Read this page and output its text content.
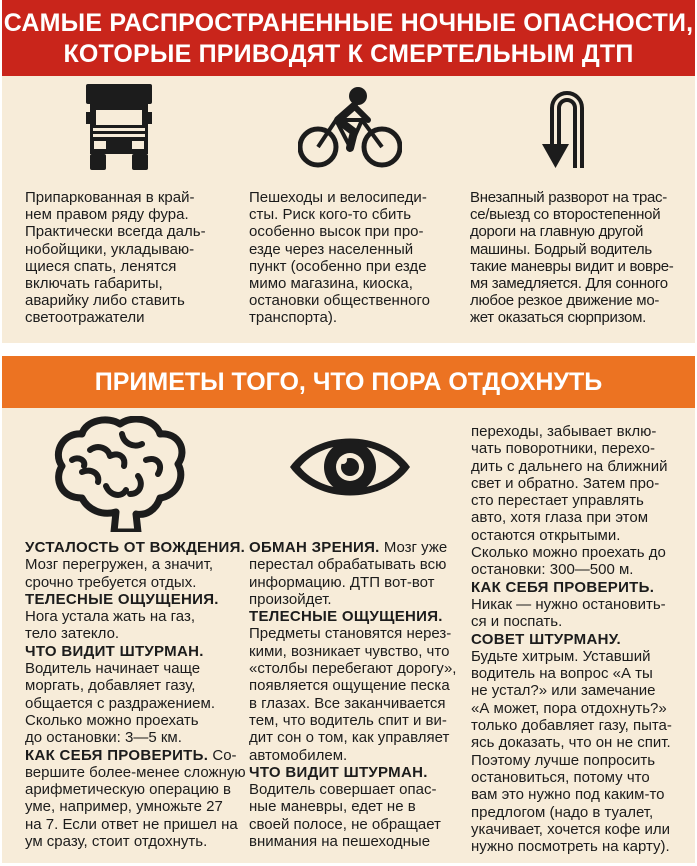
САМЫЕ РАСПРОСТРАНЕННЫЕ НОЧНЫЕ ОПАСНОСТИ,
КОТОРЫЕ ПРИВОДЯТ К СМЕРТЕЛЬНЫМ ДТП
Припаркованная в край-
нем правом ряду фура.
Практически всегда даль-
нобойщики, укладываю-
щиеся спать, ленятся
включать габариты,
аварийку либо ставить
светоотражатели
Пешеходы и велосипеди-
сты. Риск кого-то сбить
особенно высок при про-
езде через населенный
пункт (особенно при езде
мимо магазина, киоска,
остановки общественного
транспорта).
Внезапный разворот на трас-
се/выезд со второстепенной
дороги на главную другой
машины. Бодрый водитель
такие маневры видит и вовре-
мя замедляется. Для сонного
любое резкое движение мо-
жет оказаться сюрпризом.
ПРИМЕТЫ ТОГО, ЧТО ПОРА ОТДОХНУТЬ
УСТАЛОСТЬ ОТ ВОЖДЕНИЯ.
Мозг перегружен, а значит,
срочно требуется отдых.
ТЕЛЕСНЫЕ ОЩУЩЕНИЯ.
Нога устала жать на газ,
тело затекло.
ЧТО ВИДИТ ШТУРМАН.
Водитель начинает чаще
моргать, добавляет газу,
общается с раздражением.
Сколько можно проехать
до остановки: 3—5 км.
КАК СЕБЯ ПРОВЕРИТЬ. Со-
вершите более-менее сложную
арифметическую операцию в
уме, например, умножьте 27
на 7. Если ответ не пришел на
ум сразу, стоит отдохнуть.
ОБМАН ЗРЕНИЯ. Мозг уже
перестал обрабатывать всю
информацию. ДТП вот-вот
произойдет.
ТЕЛЕСНЫЕ ОЩУЩЕНИЯ.
Предметы становятся нерез-
кими, возникает чувство, что
«столбы перебегают дорогу»,
появляется ощущение песка
в глазах. Все заканчивается
тем, что водитель спит и ви-
дит сон о том, как управляет
автомобилем.
ЧТО ВИДИТ ШТУРМАН.
Водитель совершает опас-
ные маневры, едет не в
своей полосе, не обращает
внимания на пешеходные
переходы, забывает вклю-
чать поворотники, перехо-
дить с дальнего на ближний
свет и обратно. Затем про-
сто перестает управлять
авто, хотя глаза при этом
остаются открытыми.
Сколько можно проехать до
остановки: 300—500 м.
КАК СЕБЯ ПРОВЕРИТЬ.
Никак — нужно остановить-
ся и поспать.
СОВЕТ ШТУРМАНУ.
Будьте хитрым. Уставший
водитель на вопрос «А ты
не устал?» или замечание
«А может, пора отдохнуть?»
только добавляет газу, пыта-
ясь доказать, что он не спит.
Поэтому лучше попросить
остановиться, потому что
вам это нужно под каким-то
предлогом (надо в туалет,
укачивает, хочется кофе или
нужно посмотреть на карту).
